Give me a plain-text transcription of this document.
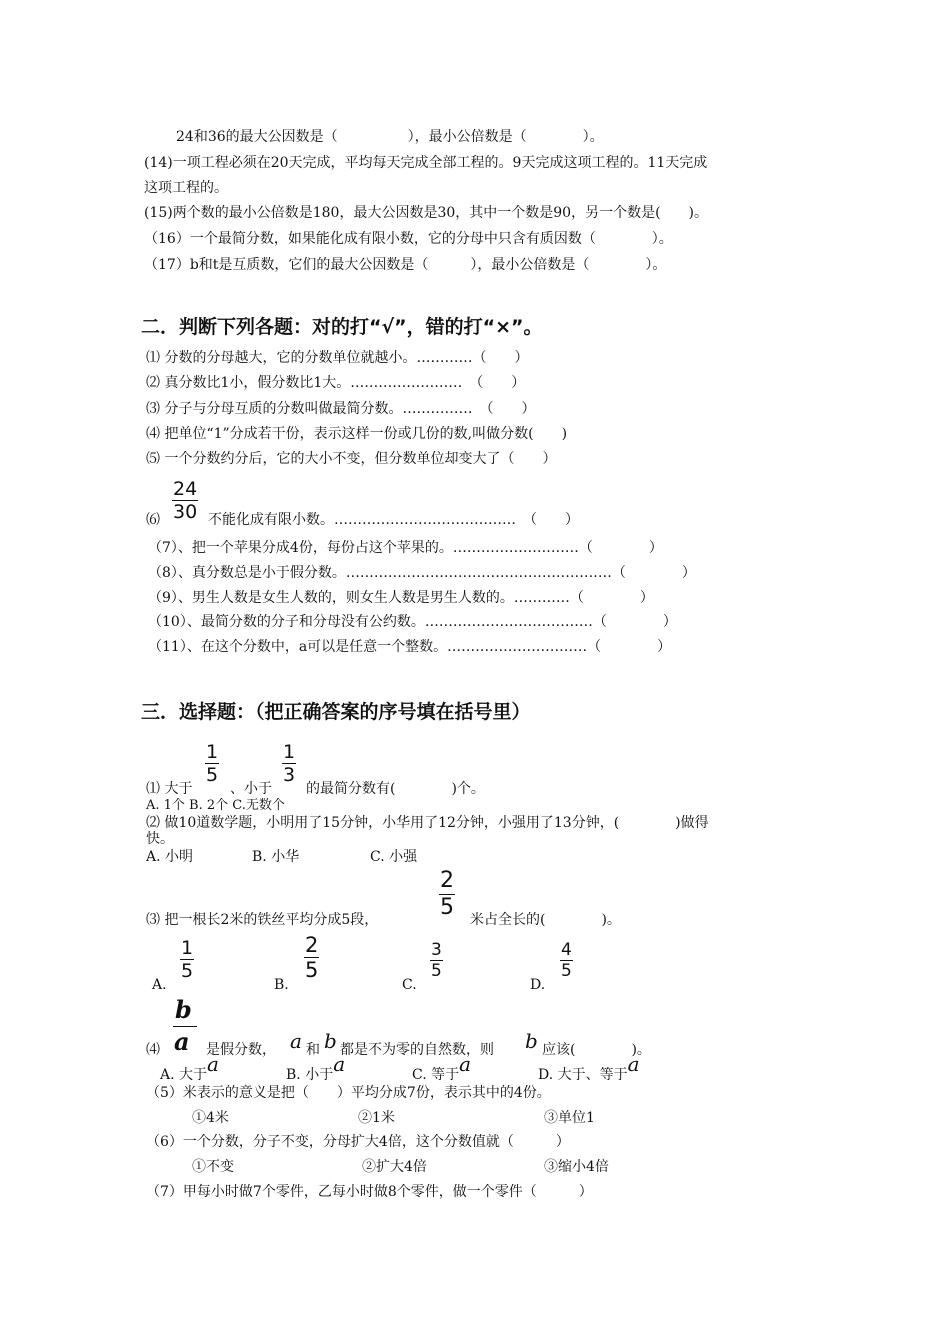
24和36的最大公因数是（　　　　　），最小公倍数是（　　　　）。
(14)一项工程必须在20天完成，平均每天完成全部工程的。9天完成这项工程的。11天完成
这项工程的。
(15)两个数的最小公倍数是180，最大公因数是30，其中一个数是90，另一个数是(　　)。
（16）一个最简分数，如果能化成有限小数，它的分母中只含有质因数（　　　　）。
（17）b和t是互质数，它们的最大公因数是（　　　），最小公倍数是（　　　　）。
二．判断下列各题：对的打“√”，错的打“×”。
⑴ 分数的分母越大，它的分数单位就越小。…………（　　）
⑵ 真分数比1小，假分数比1大。……………………　（　　）
⑶ 分子与分母互质的分数叫做最简分数。……………　（　　）
⑷ 把单位“1”分成若干份，表示这样一份或几份的数,叫做分数(　　)
⑸ 一个分数约分后，它的大小不变，但分数单位却变大了（　　）
⑹ $\frac{24}{30}$ 不能化成有限小数。…………………………………　（　　）
（7）、把一个苹果分成4份，每份占这个苹果的。………………………（　　　　）
（8）、真分数总是小于假分数。…………………………………………………（　　　　）
（9）、男生人数是女生人数的，则女生人数是男生人数的。…………（　　　　）
（10）、最简分数的分子和分母没有公约数。………………………………（　　　　）
（11）、在这个分数中，a可以是任意一个整数。…………………………（　　　　）
三．选择题：（把正确答案的序号填在括号里）
⑴ 大于
$\frac{1}{5}$
、小于
$\frac{1}{3}$
的最简分数有(　　　　)个。
A. 1个 B. 2个 C.无数个
⑵ 做10道数学题，小明用了15分钟，小华用了12分钟，小强用了13分钟，(　　　　)做得
快。
A. 小明	B. 小华	C. 小强
⑶ 把一根长2米的铁丝平均分成5段，	$\frac{2}{5}$ 米占全长的(　　　　)。
A.
$\frac{1}{5}$
B.
$\frac{2}{5}$
C.
$\frac{3}{5}$
D.
$\frac{4}{5}$
⑷
b
a 是假分数， a 和 b 都是不为零的自然数，则 b 应该(　　　　)。
A. 大于a	B. 小于a	C. 等于a	D. 大于、等于a
（5）米表示的意义是把（　　）平均分成7份，表示其中的4份。
①4米	②1米	③单位1
（6）一个分数，分子不变，分母扩大4倍，这个分数值就（　　　）
①不变	②扩大4倍	③缩小4倍
（7）甲每小时做7个零件，乙每小时做8个零件，做一个零件（　　　）
